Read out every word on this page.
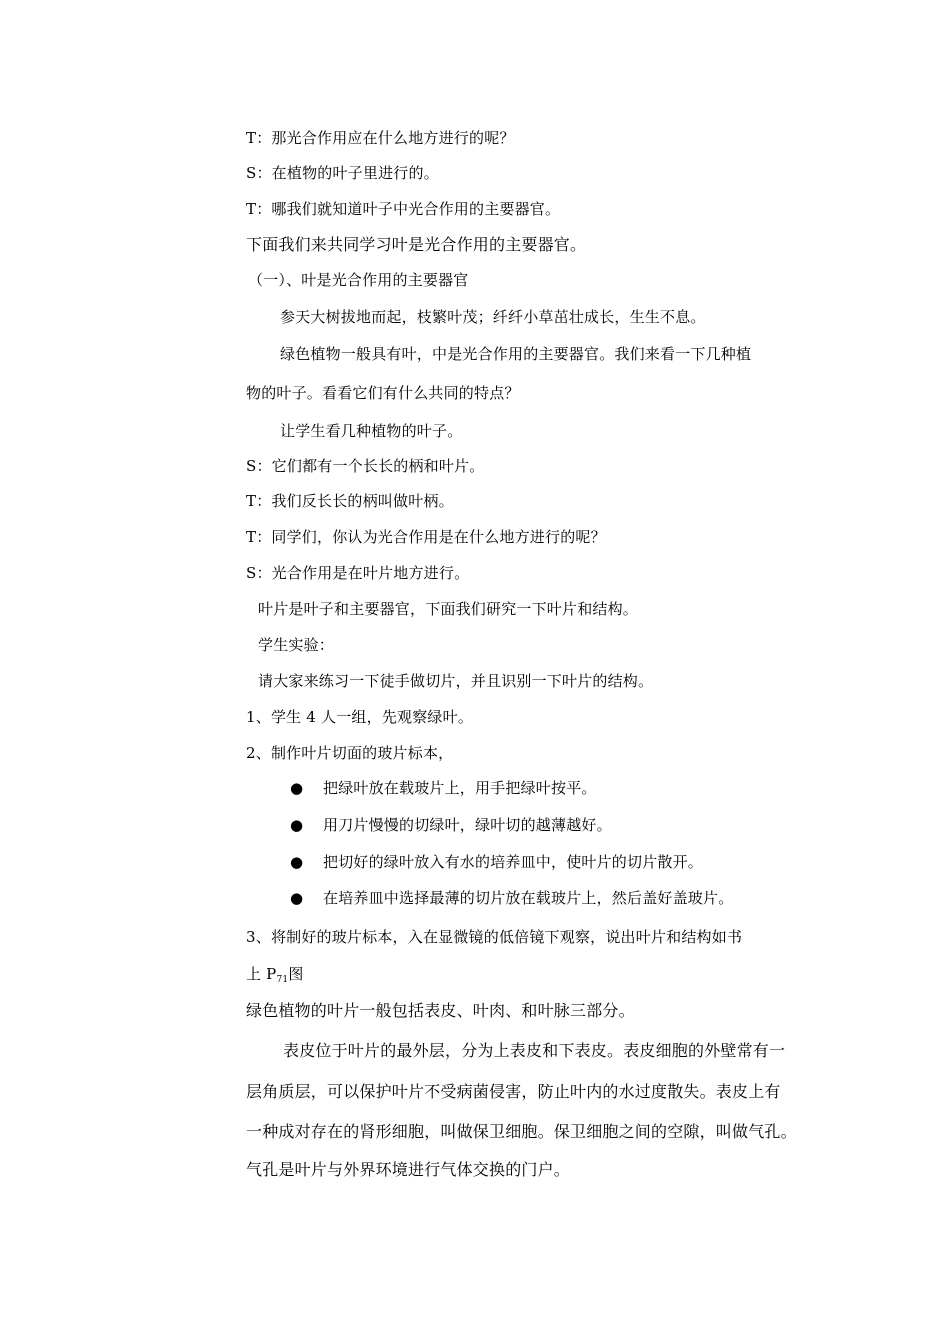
T：那光合作用应在什么地方进行的呢？
S：在植物的叶子里进行的。
T：哪我们就知道叶子中光合作用的主要器官。
下面我们来共同学习叶是光合作用的主要器官。
（一）、叶是光合作用的主要器官
参天大树拔地而起，枝繁叶茂；纤纤小草茁壮成长，生生不息。
绿色植物一般具有叶，中是光合作用的主要器官。我们来看一下几种植
物的叶子。看看它们有什么共同的特点？
让学生看几种植物的叶子。
S：它们都有一个长长的柄和叶片。
T：我们反长长的柄叫做叶柄。
T：同学们，你认为光合作用是在什么地方进行的呢？
S：光合作用是在叶片地方进行。
叶片是叶子和主要器官，下面我们研究一下叶片和结构。
学生实验：
请大家来练习一下徒手做切片，并且识别一下叶片的结构。
1、学生 4 人一组，先观察绿叶。
2、制作叶片切面的玻片标本，
● 把绿叶放在载玻片上，用手把绿叶按平。
● 用刀片慢慢的切绿叶，绿叶切的越薄越好。
● 把切好的绿叶放入有水的培养皿中，使叶片的切片散开。
● 在培养皿中选择最薄的切片放在载玻片上，然后盖好盖玻片。
3、将制好的玻片标本，入在显微镜的低倍镜下观察，说出叶片和结构如书
上 $P_{71}$图
绿色植物的叶片一般包括表皮、叶肉、和叶脉三部分。
表皮位于叶片的最外层，分为上表皮和下表皮。表皮细胞的外壁常有一
层角质层，可以保护叶片不受病菌侵害，防止叶内的水过度散失。表皮上有
一种成对存在的肾形细胞，叫做保卫细胞。保卫细胞之间的空隙，叫做气孔。
气孔是叶片与外界环境进行气体交换的门户。
